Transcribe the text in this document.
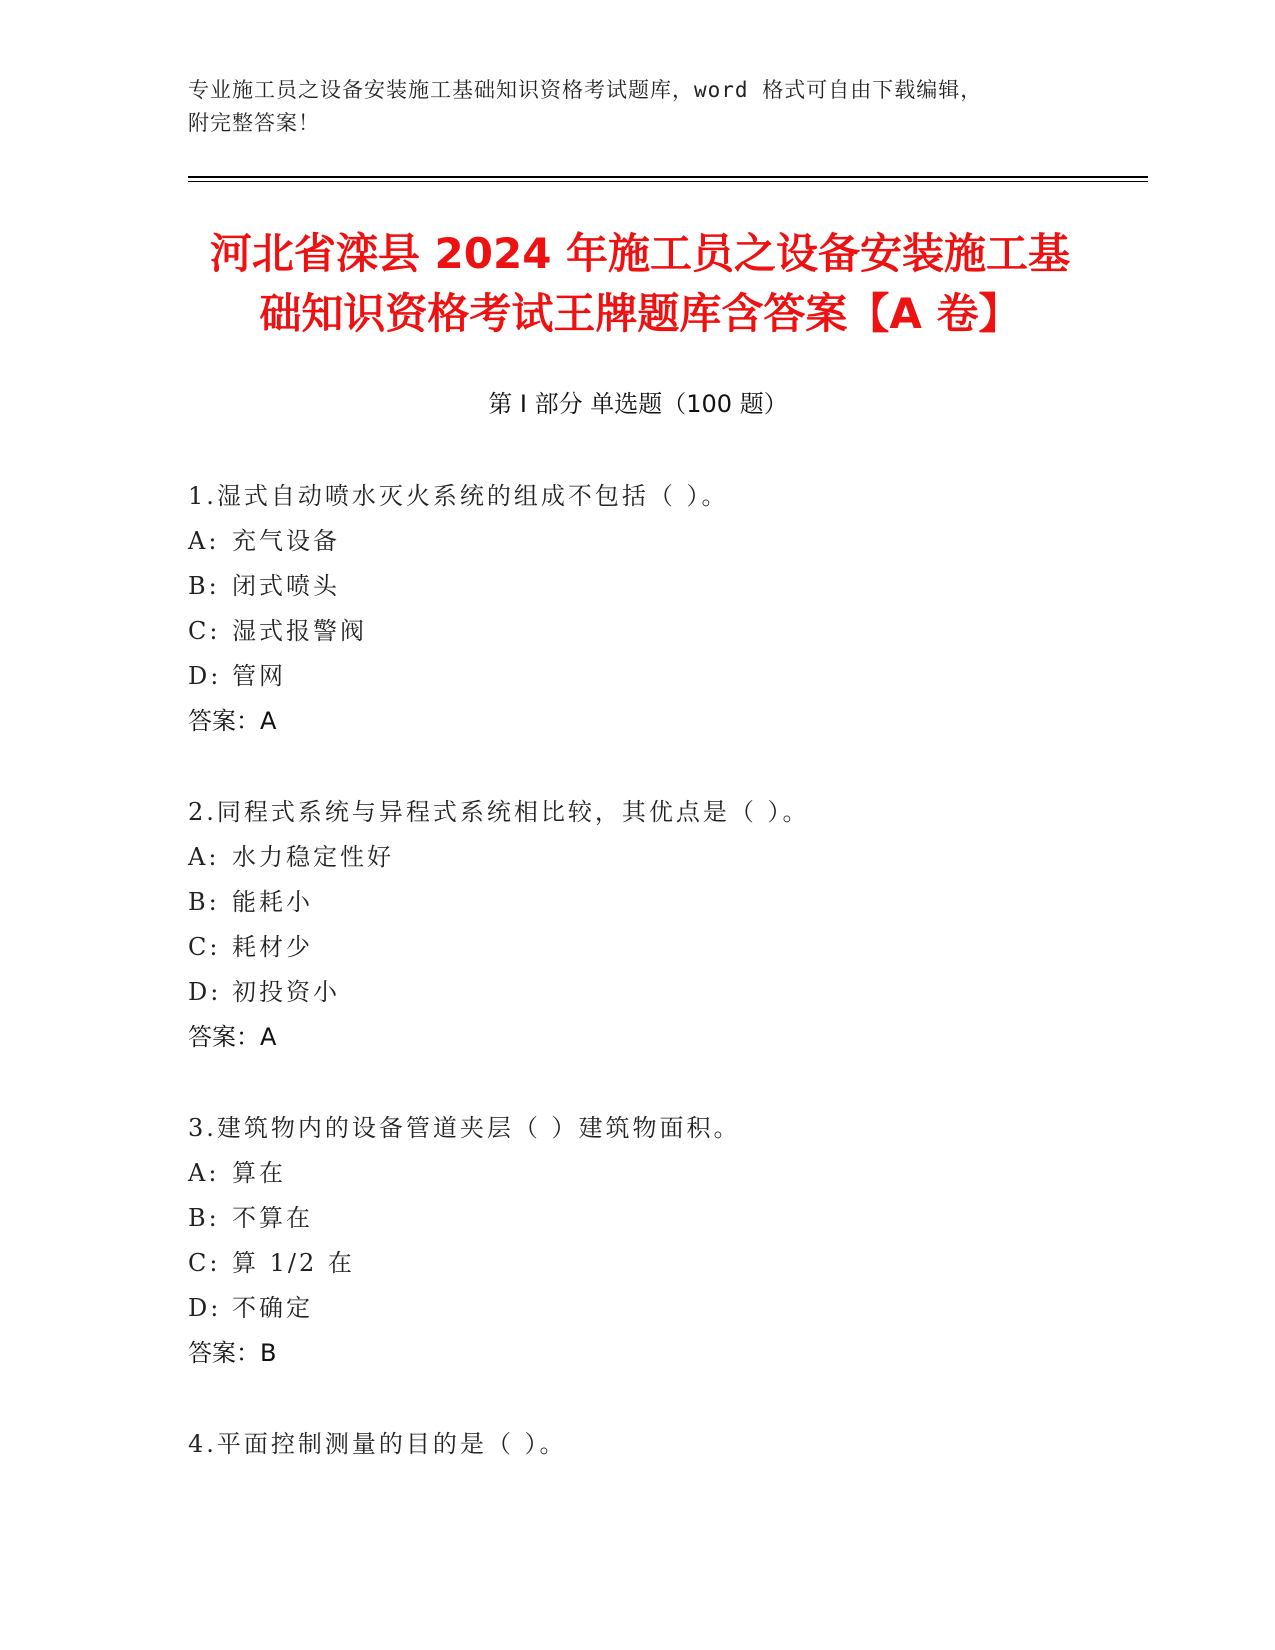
专业施工员之设备安装施工基础知识资格考试题库，word 格式可自由下载编辑，
附完整答案！
河北省滦县 2024 年施工员之设备安装施工基
础知识资格考试王牌题库含答案【A 卷】
第 I 部分 单选题（100 题）
1.湿式自动喷水灭火系统的组成不包括（ ）。
A: 充气设备
B: 闭式喷头
C: 湿式报警阀
D: 管网
答案：A
2.同程式系统与异程式系统相比较，其优点是（ ）。
A: 水力稳定性好
B: 能耗小
C: 耗材少
D: 初投资小
答案：A
3.建筑物内的设备管道夹层（ ）建筑物面积。
A: 算在
B: 不算在
C: 算 1/2 在
D: 不确定
答案：B
4.平面控制测量的目的是（ ）。
